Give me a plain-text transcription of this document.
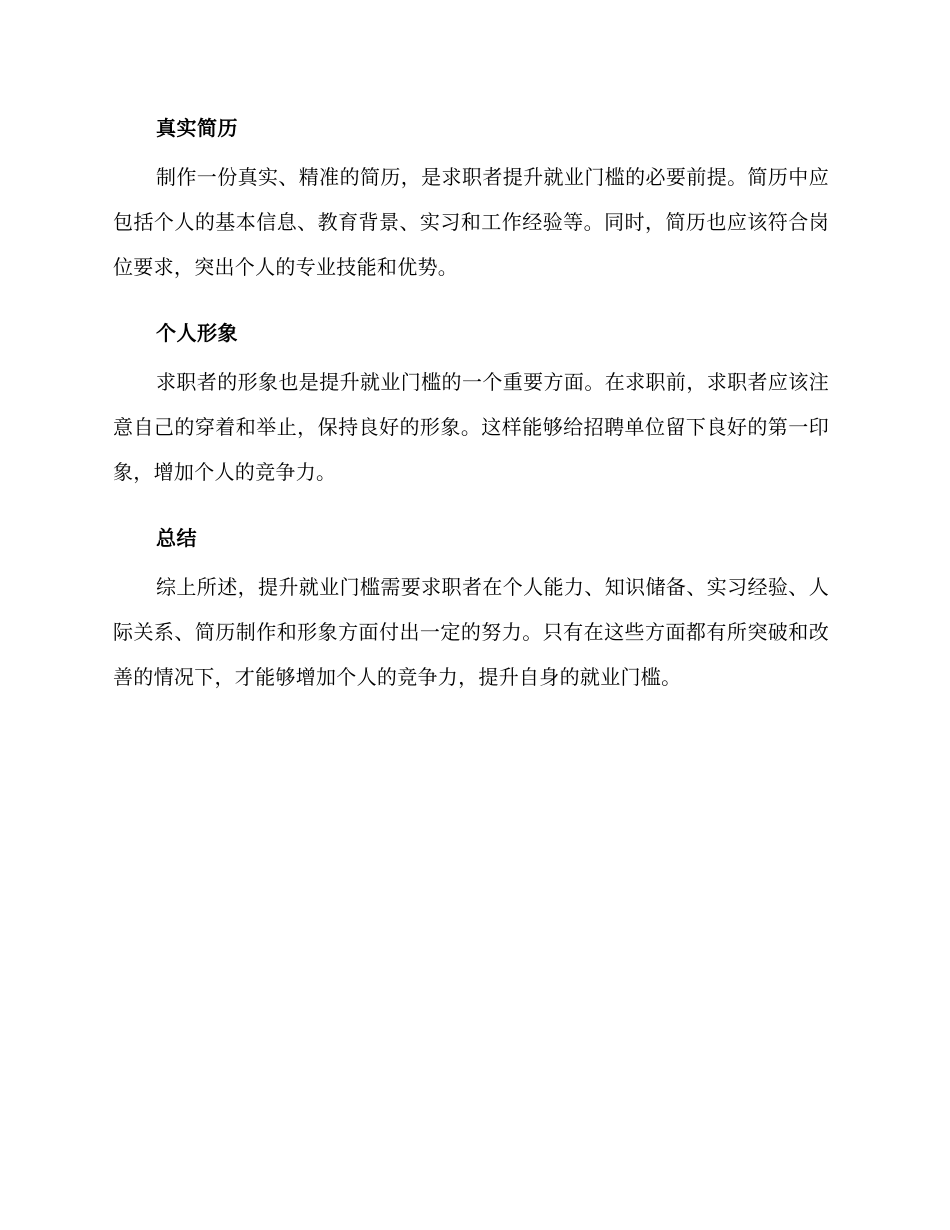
真实简历

制作一份真实、精准的简历，是求职者提升就业门槛的必要前提。简历中应包括个人的基本信息、教育背景、实习和工作经验等。同时，简历也应该符合岗位要求，突出个人的专业技能和优势。

个人形象

求职者的形象也是提升就业门槛的一个重要方面。在求职前，求职者应该注意自己的穿着和举止，保持良好的形象。这样能够给招聘单位留下良好的第一印象，增加个人的竞争力。

总结

综上所述，提升就业门槛需要求职者在个人能力、知识储备、实习经验、人际关系、简历制作和形象方面付出一定的努力。只有在这些方面都有所突破和改善的情况下，才能够增加个人的竞争力，提升自身的就业门槛。
